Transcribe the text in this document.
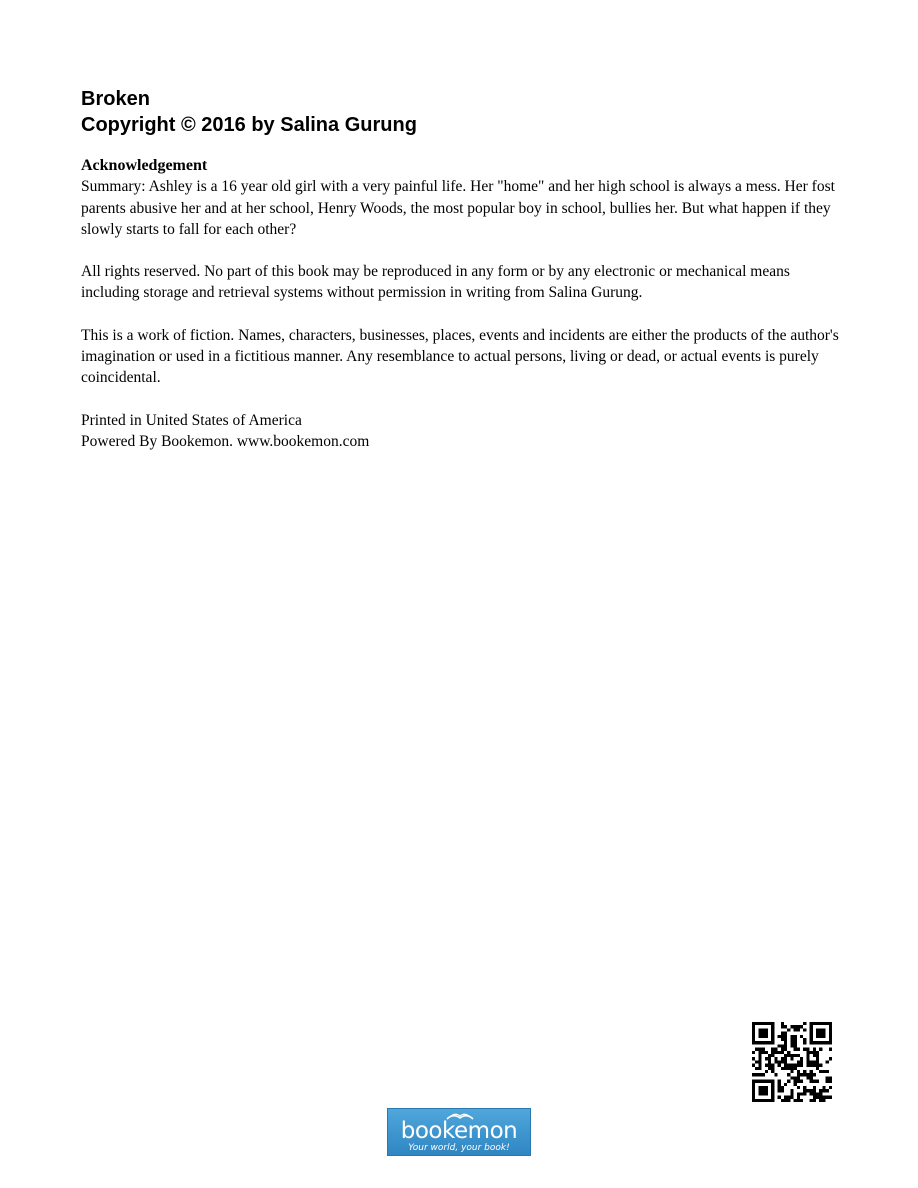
Broken
Copyright © 2016 by Salina Gurung
Acknowledgement

Summary: Ashley is a 16 year old girl with a very painful life. Her "home" and her high school is always a mess. Her fost parents abusive her and at her school, Henry Woods, the most popular boy in school, bullies her. But what happen if they slowly starts to fall for each other?

All rights reserved. No part of this book may be reproduced in any form or by any electronic or mechanical means including storage and retrieval systems without permission in writing from Salina Gurung.

This is a work of fiction. Names, characters, businesses, places, events and incidents are either the products of the author's imagination or used in a fictitious manner. Any resemblance to actual persons, living or dead, or actual events is purely coincidental.

Printed in United States of America

Powered By Bookemon. www.bookemon.com

bookemon
Your world, your book!
